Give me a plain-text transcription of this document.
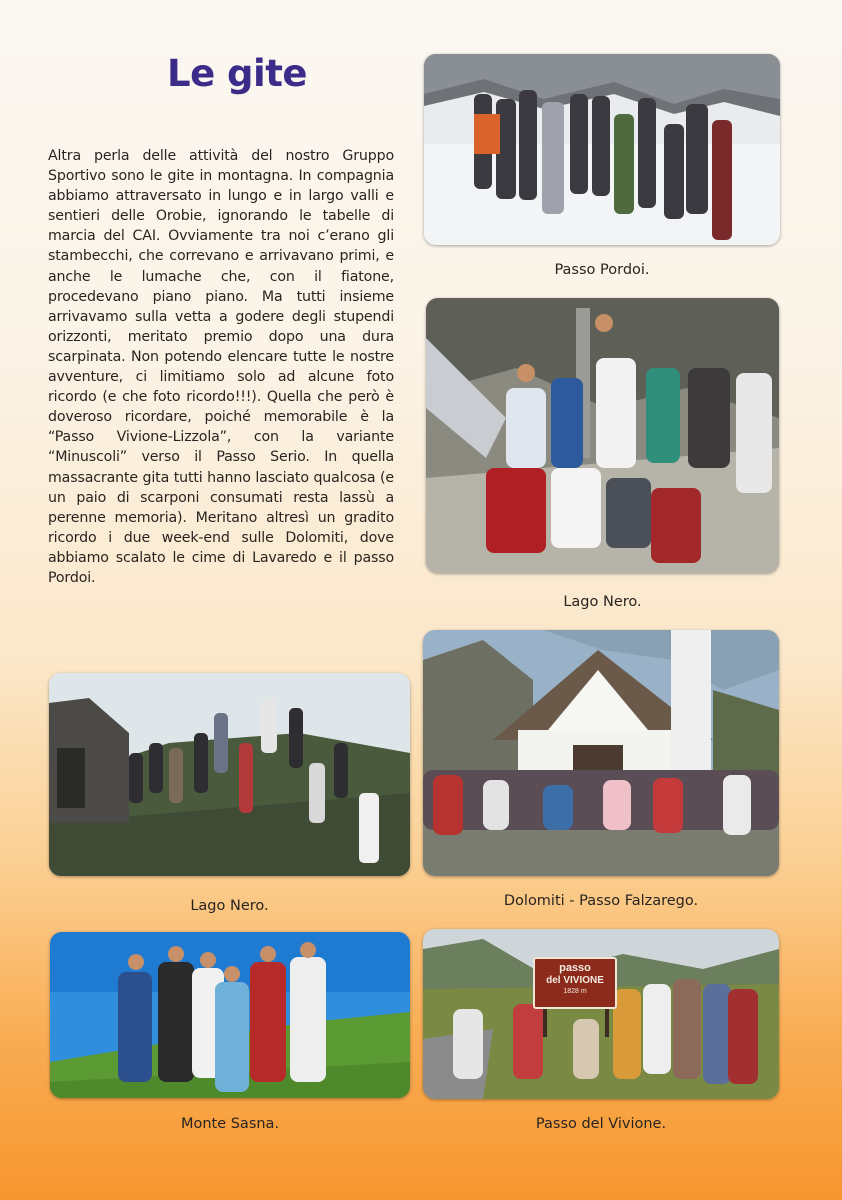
Le gite

Altra perla delle attività del nostro Gruppo Sportivo sono le gite in montagna. In compagnia abbiamo attraversato in lungo e in largo valli e sentieri delle Orobie, ignorando le tabelle di marcia del CAI. Ovviamente tra noi c’erano gli stambecchi, che correvano e arrivavano primi, e anche le lumache che, con il fiatone, procedevano piano piano. Ma tutti insieme arrivavamo sulla vetta a godere degli stupendi orizzonti, meritato premio dopo una dura scarpinata. Non potendo elencare tutte le nostre avventure, ci limitiamo solo ad alcune foto ricordo (e che foto ricordo!!!). Quella che però è doveroso ricordare, poiché memorabile è la “Passo Vivione-Lizzola”, con la variante “Minuscoli” verso il Passo Serio. In quella massacrante gita tutti hanno lasciato qualcosa (e un paio di scarponi consumati resta lassù a perenne memoria). Meritano altresì un gradito ricordo i due week-end sulle Dolomiti, dove abbiamo scalato le cime di Lavaredo e il passo Pordoi.

Passo Pordoi.
Lago Nero.
Lago Nero.	Dolomiti - Passo Falzarego.
Monte Sasna.
passo
del VIVIONE
1828 m
Passo del Vivione.
